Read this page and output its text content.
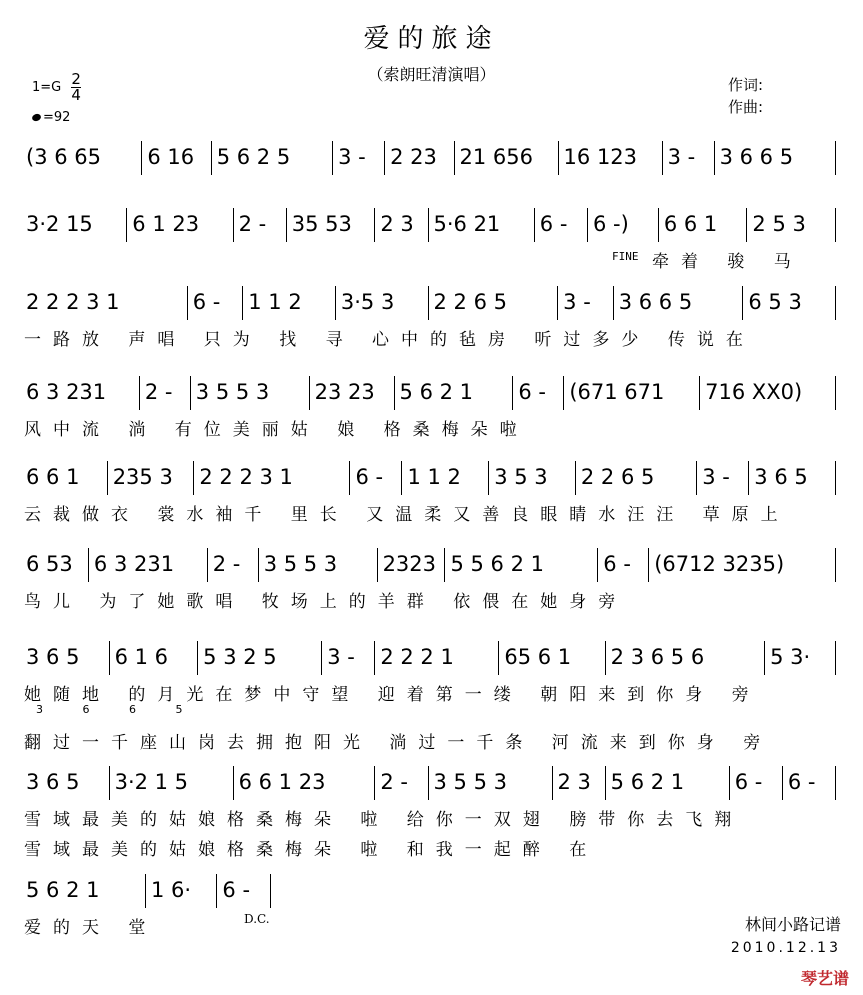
爱的旅途
（索朗旺清演唱）
$1=G \frac{2}{4}$
=92
作词:
作曲:
(3 6 65 6 16 5 6 2 5 3 - 2 23 21 656 16 123 3 - 3 6 6 5
3·2 15 6 1 23 2 - 35 53 2 3 5·6 21 6 - 6 -) 6 6 1 2 5 3
牵着 骏 马
2 2 2 3 1	6 - 1 1 2 3·5 3 2 2 6 5	3 - 3 6 6 5	6 5 3
一路放 声唱 只为 找 寻 心中的毡房 听过多少 传说在
6 3 231 2 - 3 5 5 3 23 23 5 6 2 1 6 - (671 671 716 XX0)
风中流 淌 有位美丽姑 娘 格桑梅朵啦
6 6 1 235 3 2 2 2 3 1	6 - 1 1 2 3 5 3 2 2 6 5 3 - 3 6 5
云裁做衣 裳水袖千 里长 又温柔又善良眼睛水汪汪 草原上
6 53 6 3 231 2 - 3 5 5 3 2323 5 5 6 2 1	6 - (6712 3235)
鸟儿 为了她歌唱 牧场上的羊群 依偎在她身旁
3 6 5 6 1 6 5 3 2 5 3 - 2 2 2 1 65 6 1 2 3 6 5 6	5 3·
她随地 的月光在梦中守望 迎着第一缕 朝阳来到你身 旁
3 6 5 3·2 1 5 6 6 1 23	2 - 3 5 5 3 2 3 5 6 2 1 6 - 6 -
雪域最美的姑娘格桑梅朵 啦 给你一双翅 膀带你去飞翔
5 6 2 1 1 6· 6 -
爱的天 堂
FINE
3 6 6 5
翻过一千座山岗去拥抱阳光 淌过一千条 河流来到你身 旁
雪域最美的姑娘格桑梅朵 啦 和我一起醉 在
D.C.	林间小路记谱
2010.12.13
琴艺谱
